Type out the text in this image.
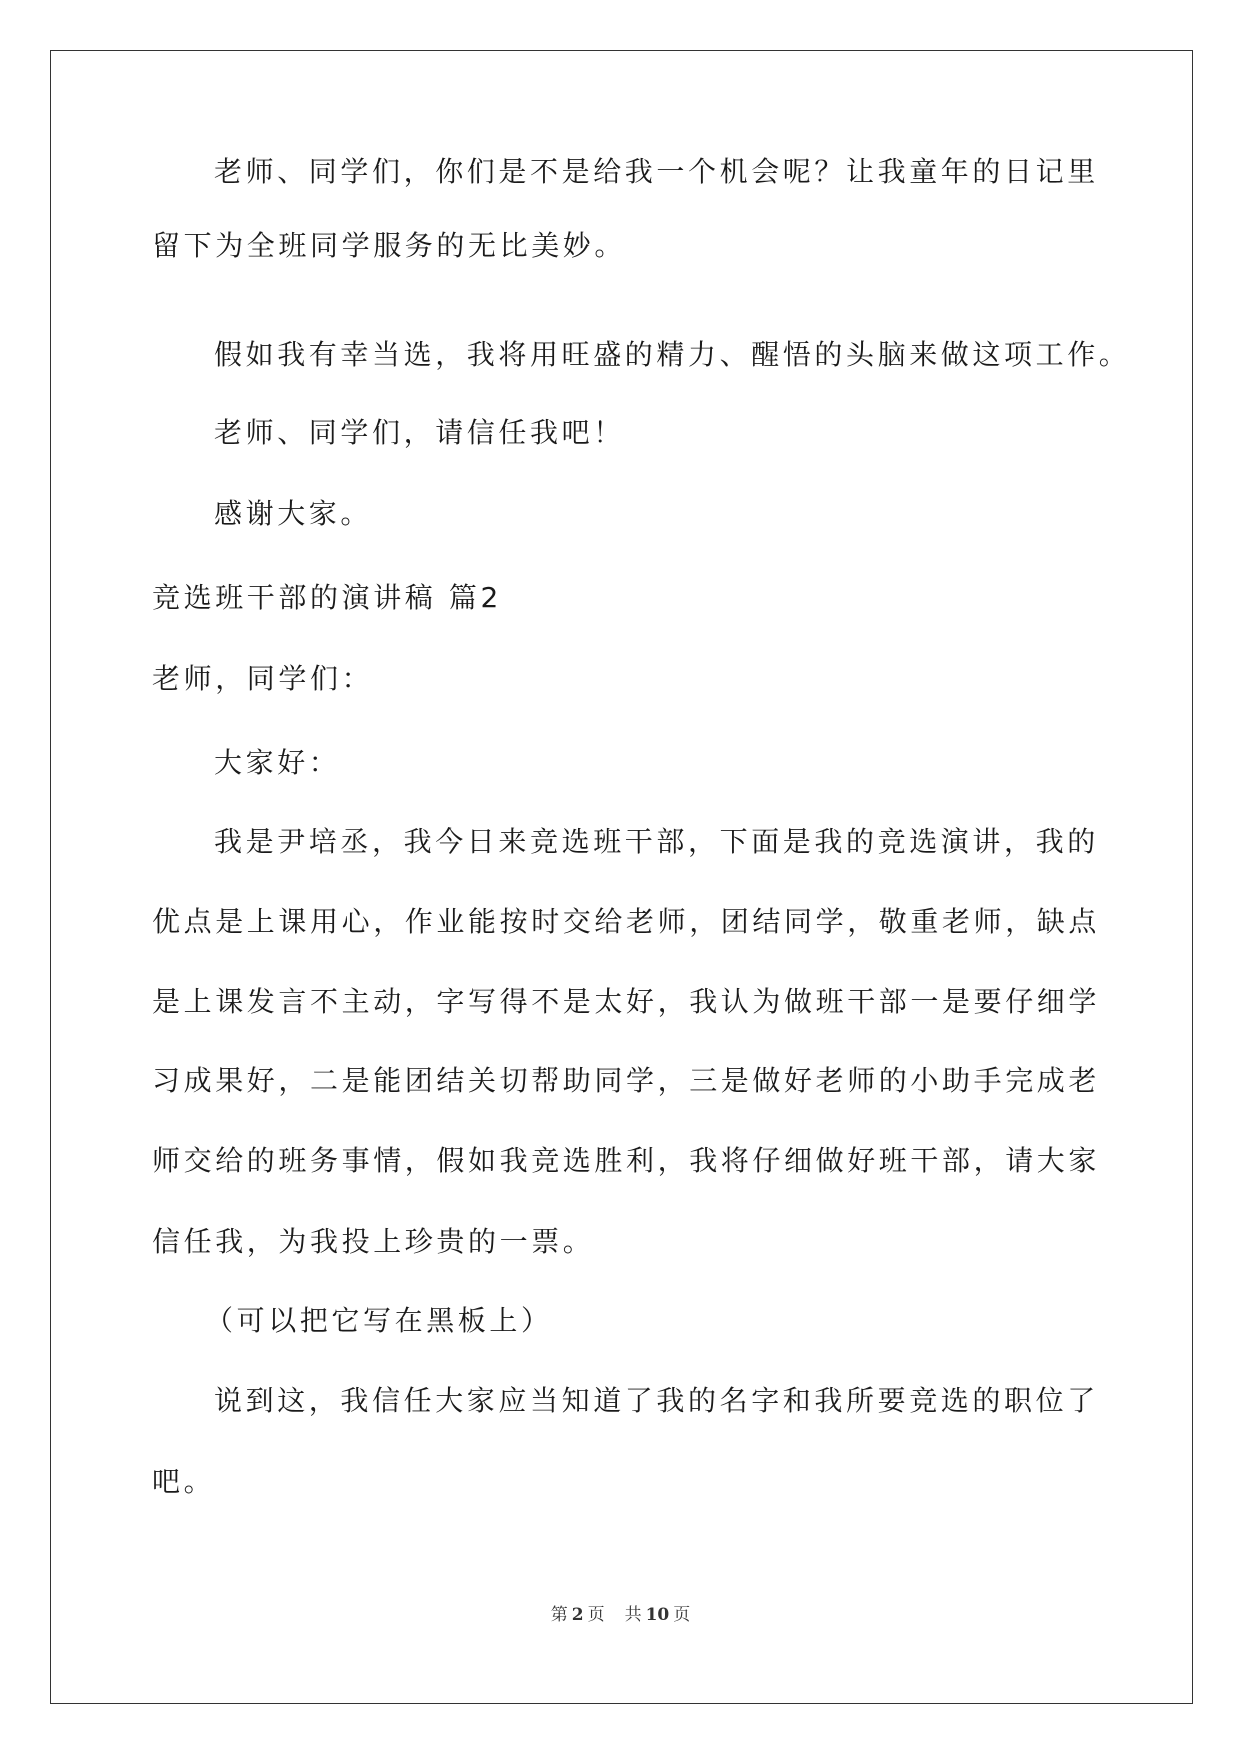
老师、同学们，你们是不是给我一个机会呢？让我童年的日记里

留下为全班同学服务的无比美妙。

假如我有幸当选，我将用旺盛的精力、醒悟的头脑来做这项工作。

老师、同学们，请信任我吧！

感谢大家。

竞选班干部的演讲稿 篇2

老师，同学们：

大家好：

我是尹培丞，我今日来竞选班干部，下面是我的竞选演讲，我的

优点是上课用心，作业能按时交给老师，团结同学，敬重老师，缺点

是上课发言不主动，字写得不是太好，我认为做班干部一是要仔细学

习成果好，二是能团结关切帮助同学，三是做好老师的小助手完成老

师交给的班务事情，假如我竞选胜利，我将仔细做好班干部，请大家

信任我，为我投上珍贵的一票。

（可以把它写在黑板上）

说到这，我信任大家应当知道了我的名字和我所要竞选的职位了

吧。

第 2 页 共 10 页
